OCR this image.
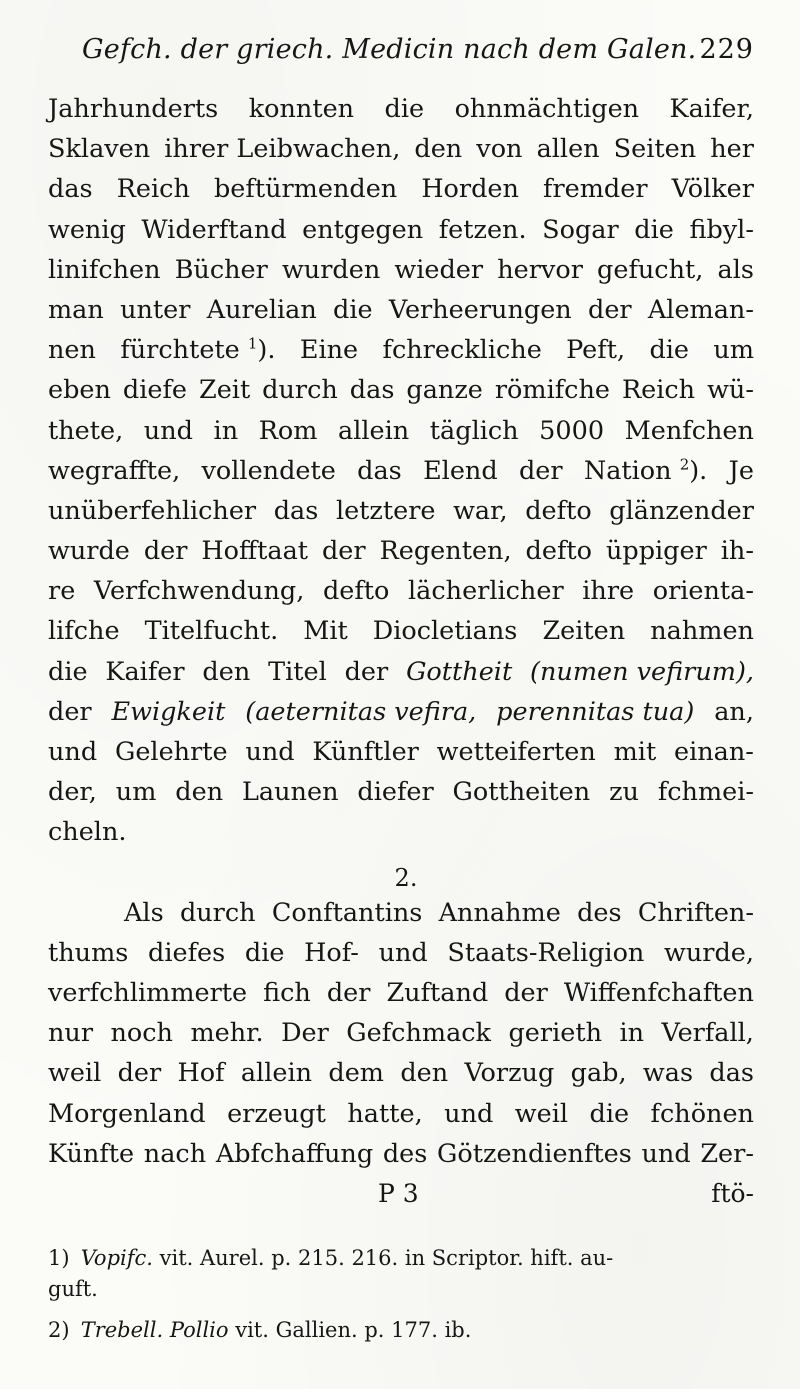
Gefch. der griech. Medicin nach dem Galen. 229
Jahrhunderts konnten die ohnmächtigen Kaifer,
Sklaven ihrer Leibwachen, den von allen Seiten her
das Reich beftürmenden Horden fremder Völker
wenig Widerftand entgegen fetzen. Sogar die fibyl-
linifchen Bücher wurden wieder hervor gefucht, als
man unter Aurelian die Verheerungen der Aleman-
nen fürchtete $^1$). Eine fchreckliche Peft, die um
eben diefe Zeit durch das ganze römifche Reich wü-
thete, und in Rom allein täglich 5000 Menfchen
wegraffte, vollendete das Elend der Nation $^2$). Je
unüberfehlicher das letztere war, defto glänzender
wurde der Hofftaat der Regenten, defto üppiger ih-
re Verfchwendung, defto lächerlicher ihre orienta-
lifche Titelfucht. Mit Diocletians Zeiten nahmen
die Kaifer den Titel der Gottheit (numen vefirum),
der Ewigkeit (aeternitas vefira, perennitas tua) an,
und Gelehrte und Künftler wetteiferten mit einan-
der, um den Launen diefer Gottheiten zu fchmei-
cheln.
2.
Als durch Conftantins Annahme des Chriften-
thums diefes die Hof- und Staats-Religion wurde,
verfchlimmerte fich der Zuftand der Wiffenfchaften
nur noch mehr. Der Gefchmack gerieth in Verfall,
weil der Hof allein dem den Vorzug gab, was das
Morgenland erzeugt hatte, und weil die fchönen
Künfte nach Abfchaffung des Götzendienftes und Zer-
P 3	ftö-
1) Vopifc. vit. Aurel. p. 215. 216. in Scriptor. hift. au-
guft.
2) Trebell. Pollio vit. Gallien. p. 177. ib.
